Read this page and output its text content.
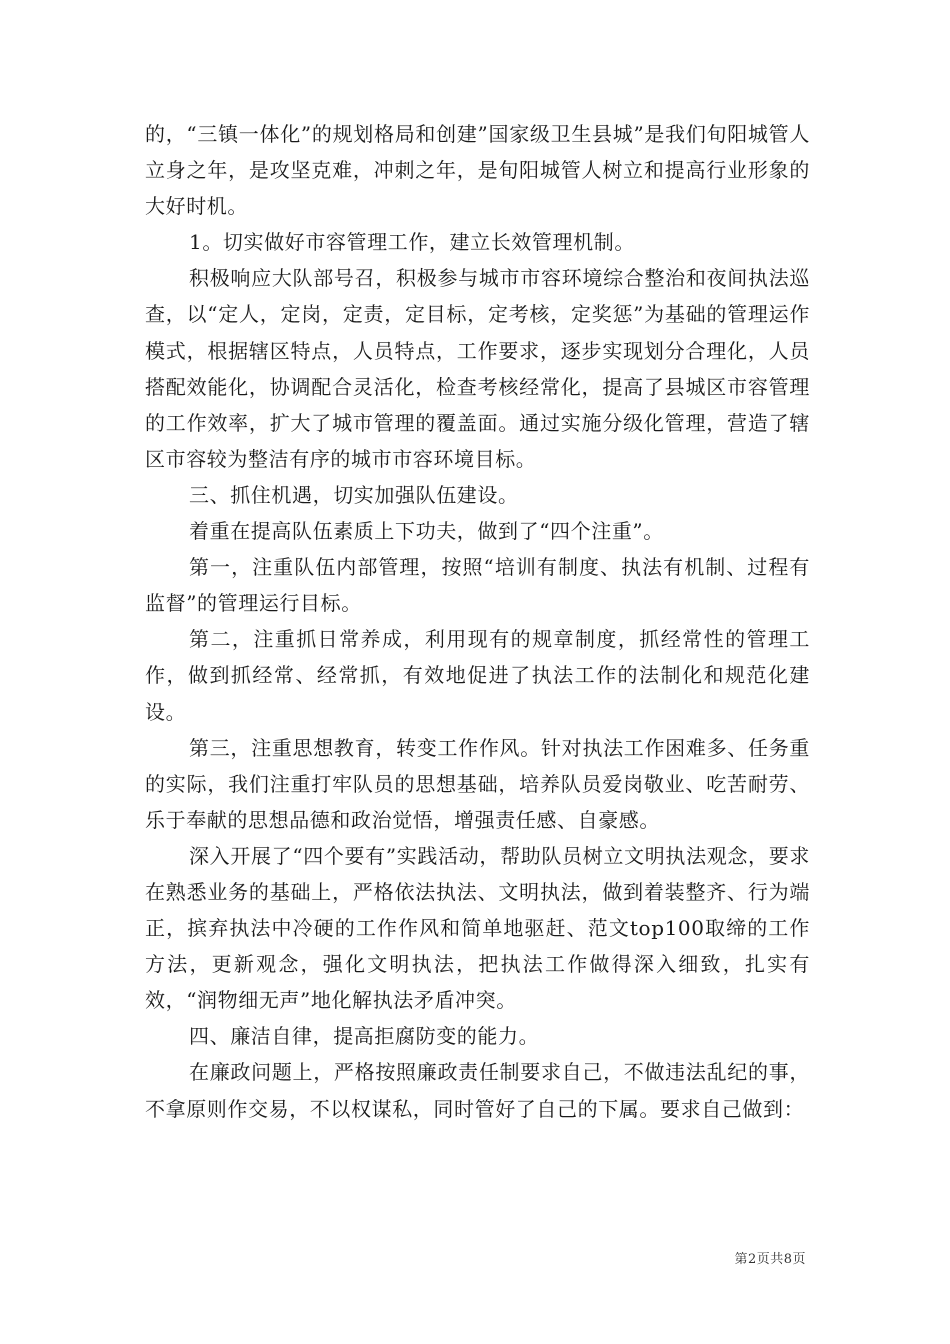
的，“三镇一体化”的规划格局和创建”国家级卫生县城”是我们旬阳城管人立身之年，是攻坚克难，冲刺之年，是旬阳城管人树立和提高行业形象的大好时机。

1。切实做好市容管理工作，建立长效管理机制。

积极响应大队部号召，积极参与城市市容环境综合整治和夜间执法巡查，以“定人，定岗，定责，定目标，定考核，定奖惩”为基础的管理运作模式，根据辖区特点，人员特点，工作要求，逐步实现划分合理化，人员搭配效能化，协调配合灵活化，检查考核经常化，提高了县城区市容管理的工作效率，扩大了城市管理的覆盖面。通过实施分级化管理，营造了辖区市容较为整洁有序的城市市容环境目标。

三、抓住机遇，切实加强队伍建设。

着重在提高队伍素质上下功夫，做到了“四个注重”。

第一，注重队伍内部管理，按照“培训有制度、执法有机制、过程有监督”的管理运行目标。

第二，注重抓日常养成，利用现有的规章制度，抓经常性的管理工作，做到抓经常、经常抓，有效地促进了执法工作的法制化和规范化建设。

第三，注重思想教育，转变工作作风。针对执法工作困难多、任务重的实际，我们注重打牢队员的思想基础，培养队员爱岗敬业、吃苦耐劳、乐于奉献的思想品德和政治觉悟，增强责任感、自豪感。

深入开展了“四个要有”实践活动，帮助队员树立文明执法观念，要求在熟悉业务的基础上，严格依法执法、文明执法，做到着装整齐、行为端正，摈弃执法中冷硬的工作作风和简单地驱赶、范文top100取缔的工作方法，更新观念，强化文明执法，把执法工作做得深入细致，扎实有效，“润物细无声”地化解执法矛盾冲突。

四、廉洁自律，提高拒腐防变的能力。

在廉政问题上，严格按照廉政责任制要求自己，不做违法乱纪的事，不拿原则作交易，不以权谋私，同时管好了自己的下属。要求自己做到：

第2页共8页
